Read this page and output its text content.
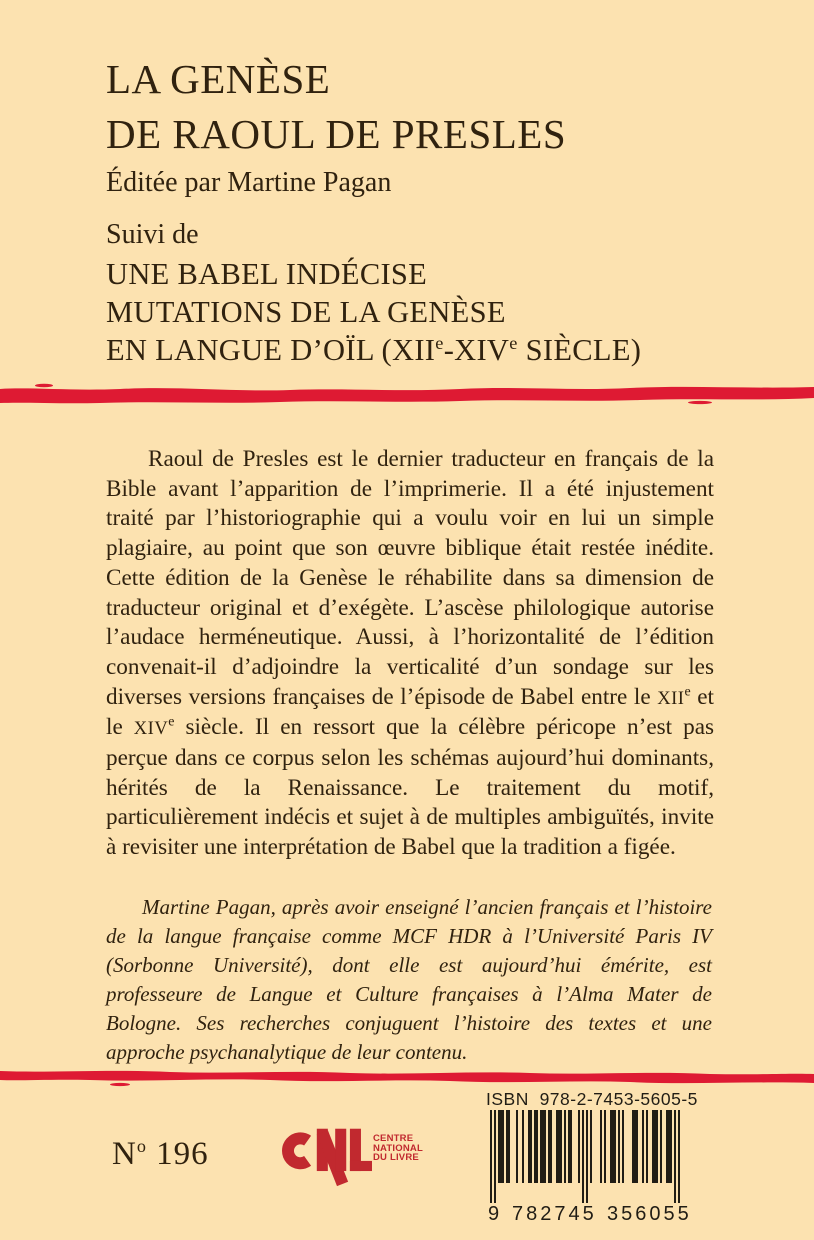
LA GENÈSE
DE RAOUL DE PRESLES
Éditée par Martine Pagan
Suivi de
UNE BABEL INDÉCISE
MUTATIONS DE LA GENÈSE
EN LANGUE D’OÏL (XIIe-XIVe SIÈCLE)

Raoul de Presles est le dernier traducteur en français de la Bible avant l’apparition de l’imprimerie. Il a été injustement traité par l’historiographie qui a voulu voir en lui un simple plagiaire, au point que son œuvre biblique était restée inédite. Cette édition de la Genèse le réhabilite dans sa dimension de traducteur original et d’exégète. L’ascèse philologique autorise l’audace herméneutique. Aussi, à l’horizontalité de l’édition convenait-il d’adjoindre la verticalité d’un sondage sur les diverses versions françaises de l’épisode de Babel entre le XIIe et le XIVe siècle. Il en ressort que la célèbre péricope n’est pas perçue dans ce corpus selon les schémas aujourd’hui dominants, hérités de la Renaissance. Le traitement du motif, particulièrement indécis et sujet à de multiples ambiguïtés, invite à revisiter une interprétation de Babel que la tradition a figée.

Martine Pagan, après avoir enseigné l’ancien français et l’histoire de la langue française comme MCF HDR à l’Université Paris IV (Sorbonne Université), dont elle est aujourd’hui émérite, est professeure de Langue et Culture françaises à l’Alma Mater de Bologne. Ses recherches conjuguent l’histoire des textes et une approche psychanalytique de leur contenu.

$N^o$ 196	CENTRE
NATIONAL
DU LIVRE
ISBN  978-2-7453-5605-5
9 782745 356055
